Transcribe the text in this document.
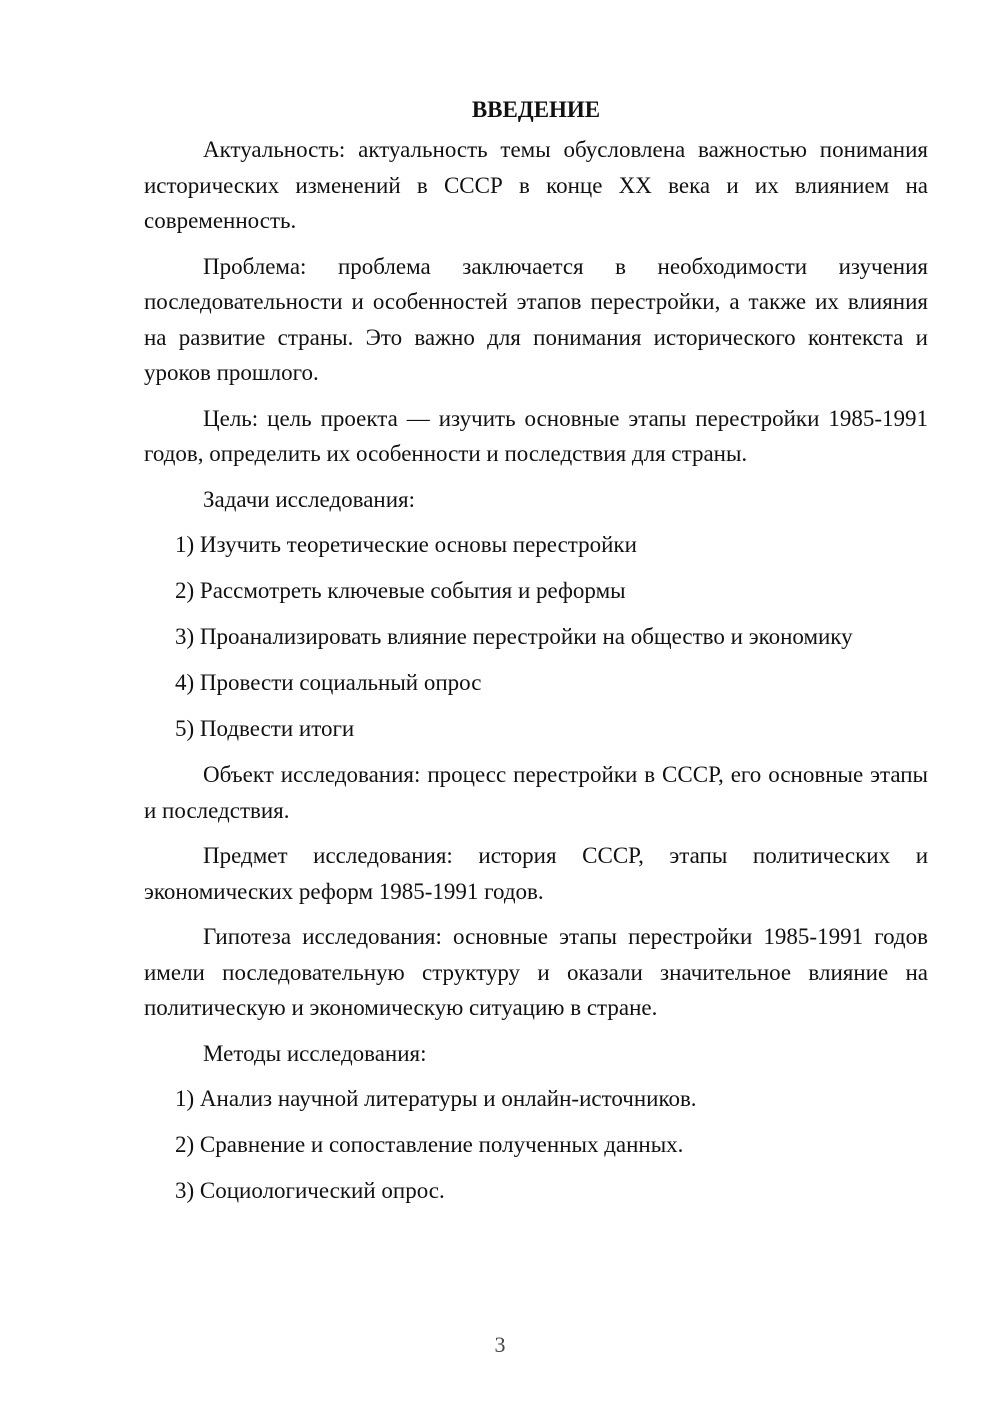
ВВЕДЕНИЕ

Актуальность: актуальность темы обусловлена важностью понимания исторических изменений в СССР в конце XX века и их влиянием на современность.

Проблема: проблема заключается в необходимости изучения последовательности и особенностей этапов перестройки, а также их влияния на развитие страны. Это важно для понимания исторического контекста и уроков прошлого.

Цель: цель проекта — изучить основные этапы перестройки 1985-1991 годов, определить их особенности и последствия для страны.

Задачи исследования:

1) Изучить теоретические основы перестройки
2) Рассмотреть ключевые события и реформы
3) Проанализировать влияние перестройки на общество и экономику
4) Провести социальный опрос
5) Подвести итоги

Объект исследования: процесс перестройки в СССР, его основные этапы и последствия.

Предмет исследования: история СССР, этапы политических и экономических реформ 1985-1991 годов.

Гипотеза исследования: основные этапы перестройки 1985-1991 годов имели последовательную структуру и оказали значительное влияние на политическую и экономическую ситуацию в стране.

Методы исследования:

1) Анализ научной литературы и онлайн-источников.
2) Сравнение и сопоставление полученных данных.
3) Социологический опрос.
3
